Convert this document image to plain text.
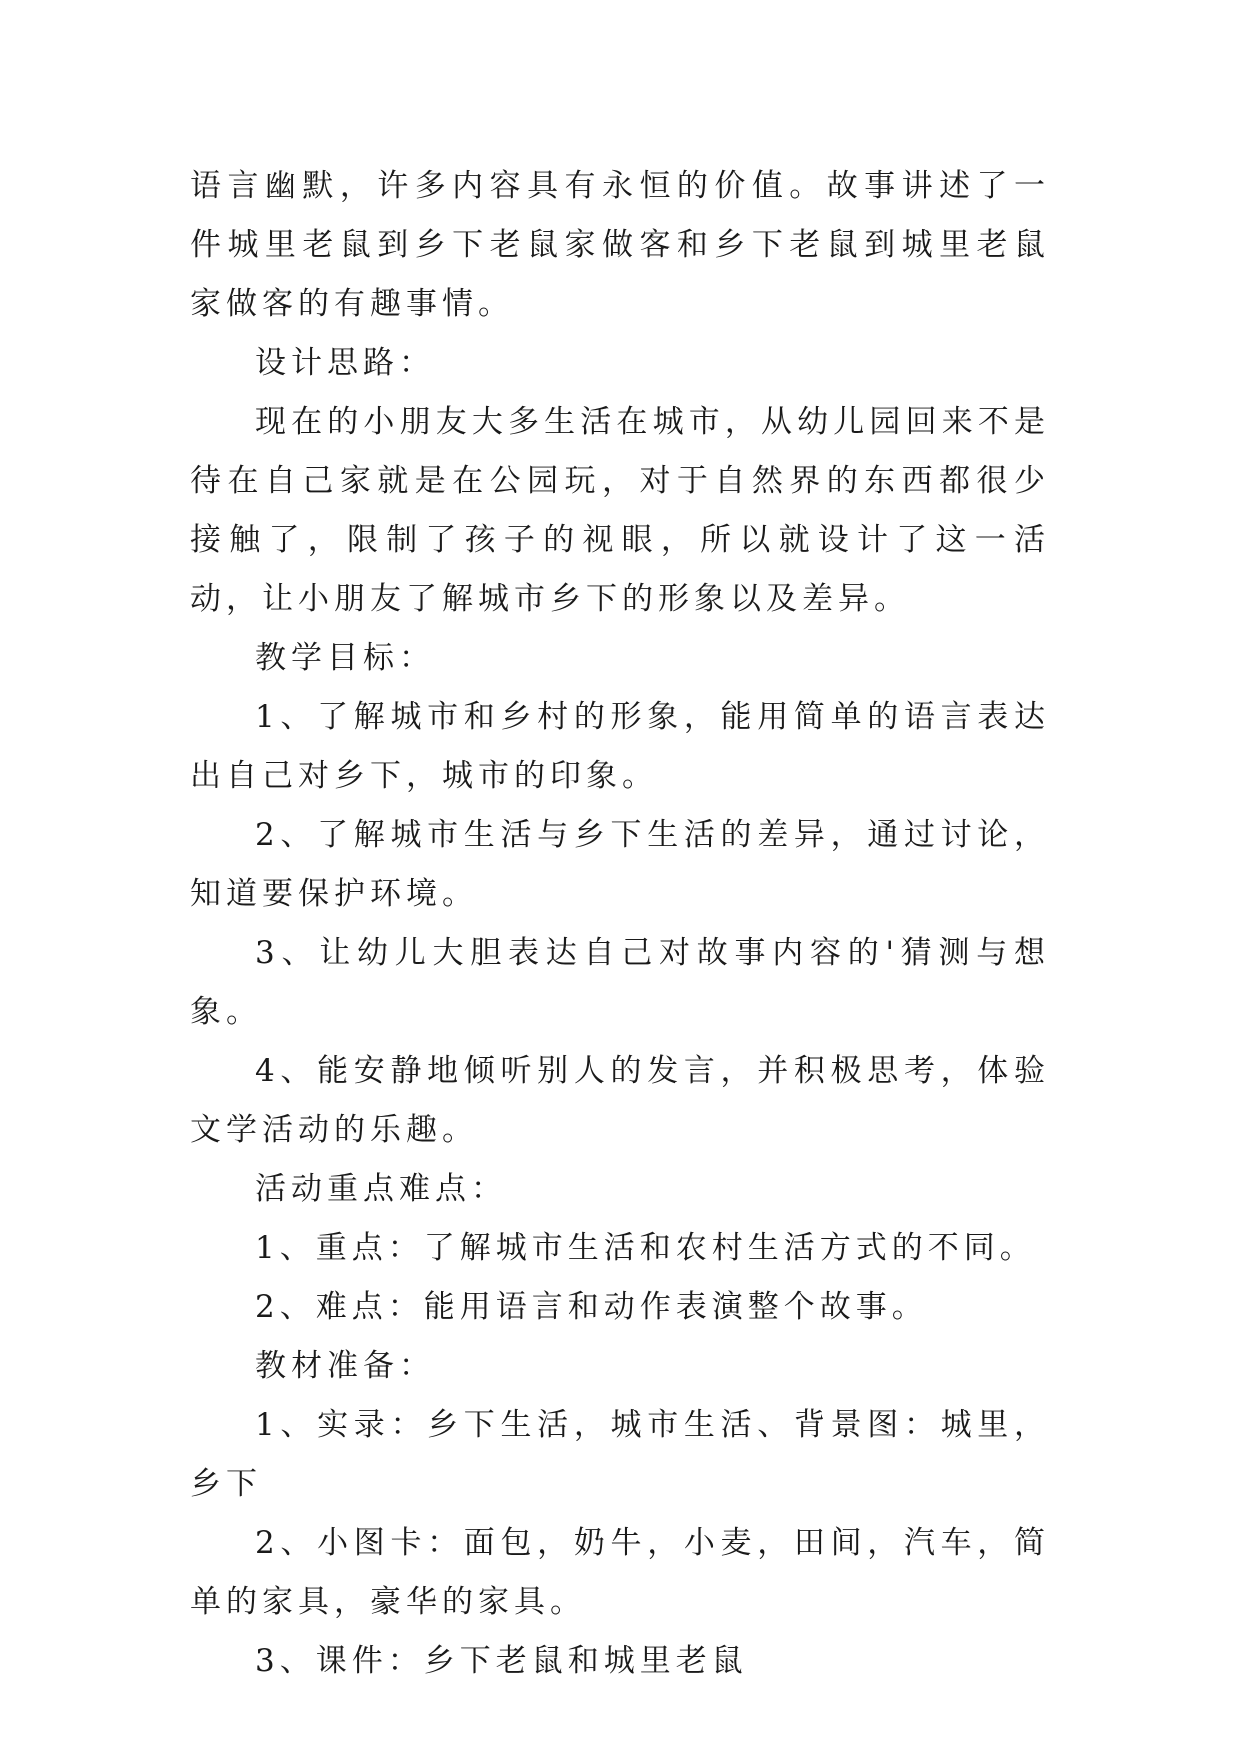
语言幽默，许多内容具有永恒的价值。故事讲述了一件城里老鼠到乡下老鼠家做客和乡下老鼠到城里老鼠家做客的有趣事情。

设计思路：

现在的小朋友大多生活在城市，从幼儿园回来不是待在自己家就是在公园玩，对于自然界的东西都很少接触了，限制了孩子的视眼，所以就设计了这一活动，让小朋友了解城市乡下的形象以及差异。

教学目标：

1、了解城市和乡村的形象，能用简单的语言表达出自己对乡下，城市的印象。

2、了解城市生活与乡下生活的差异，通过讨论，知道要保护环境。

3、让幼儿大胆表达自己对故事内容的'猜测与想象。

4、能安静地倾听别人的发言，并积极思考，体验文学活动的乐趣。

活动重点难点：

1、重点：了解城市生活和农村生活方式的不同。

2、难点：能用语言和动作表演整个故事。

教材准备：

1、实录：乡下生活，城市生活、背景图：城里，乡下

2、小图卡：面包，奶牛，小麦，田间，汽车，简单的家具，豪华的家具。

3、课件：乡下老鼠和城里老鼠
